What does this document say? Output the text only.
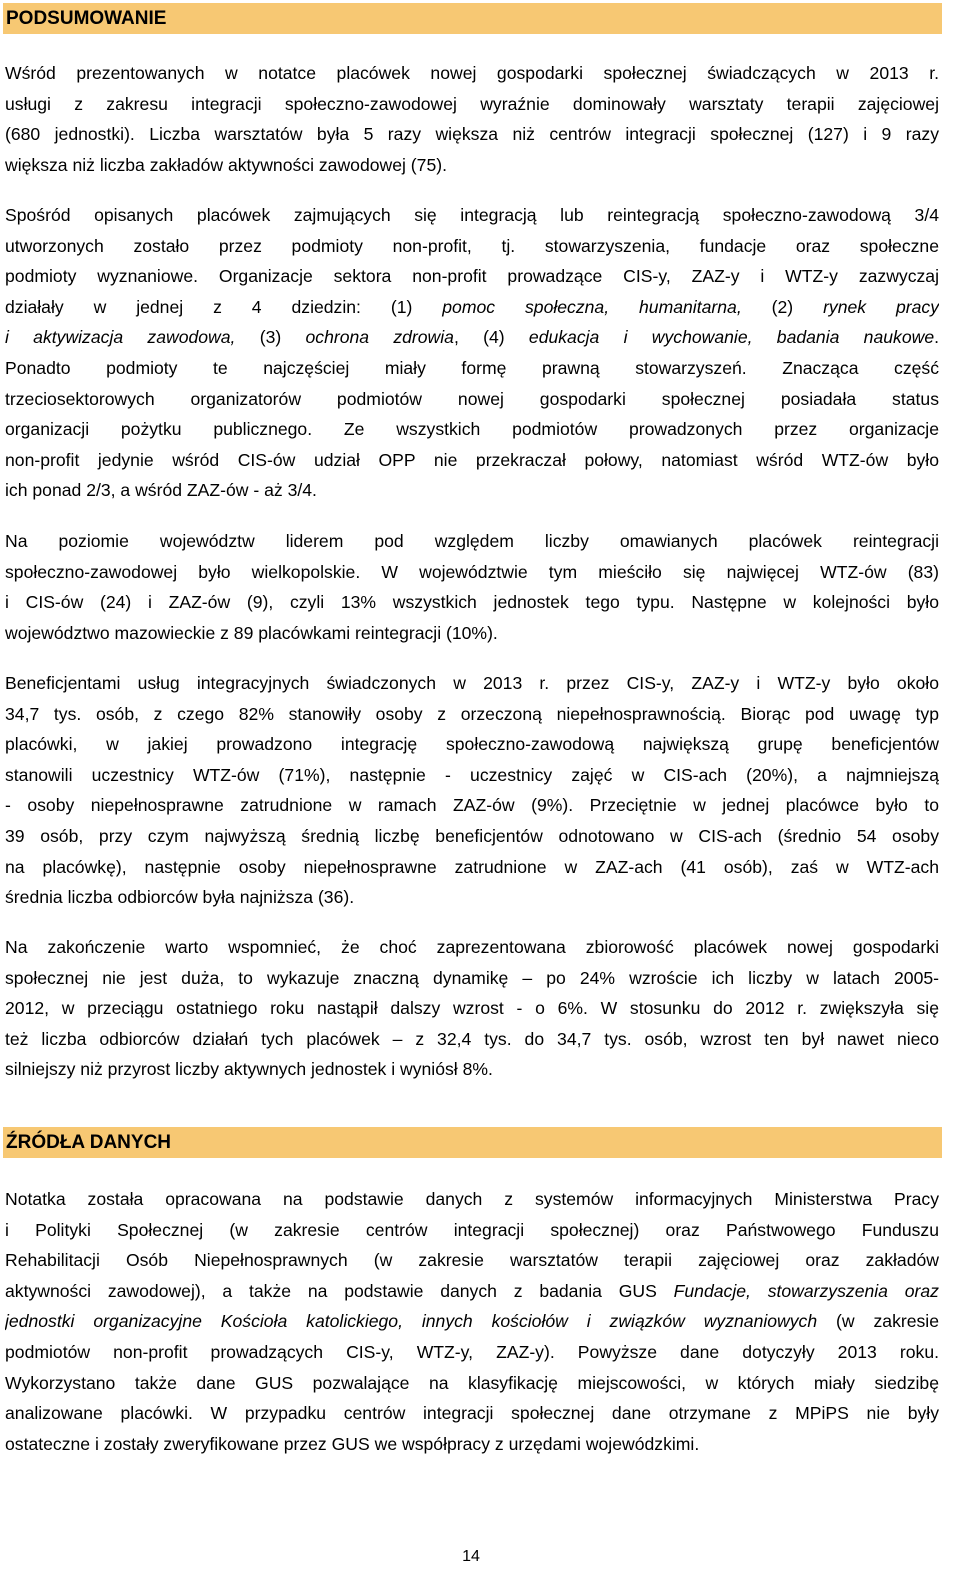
PODSUMOWANIE
Wśród prezentowanych w notatce placówek nowej gospodarki społecznej świadczących w 2013 r.
usługi z zakresu integracji społeczno-zawodowej wyraźnie dominowały warsztaty terapii zajęciowej
(680 jednostki). Liczba warsztatów była 5 razy większa niż centrów integracji społecznej (127) i 9 razy
większa niż liczba zakładów aktywności zawodowej (75).
Spośród opisanych placówek zajmujących się integracją lub reintegracją społeczno-zawodową 3/4
utworzonych zostało przez podmioty non-profit, tj. stowarzyszenia, fundacje oraz społeczne
podmioty wyznaniowe. Organizacje sektora non-profit prowadzące CIS-y, ZAZ-y i WTZ-y zazwyczaj
działały w jednej z 4 dziedzin: (1) pomoc społeczna, humanitarna, (2) rynek pracy
i aktywizacja zawodowa, (3) ochrona zdrowia, (4) edukacja i wychowanie, badania naukowe.
Ponadto podmioty te najczęściej miały formę prawną stowarzyszeń. Znacząca część
trzeciosektorowych organizatorów podmiotów nowej gospodarki społecznej posiadała status
organizacji pożytku publicznego. Ze wszystkich podmiotów prowadzonych przez organizacje
non-profit jedynie wśród CIS-ów udział OPP nie przekraczał połowy, natomiast wśród WTZ-ów było
ich ponad 2/3, a wśród ZAZ-ów - aż 3/4.
Na poziomie województw liderem pod względem liczby omawianych placówek reintegracji
społeczno-zawodowej było wielkopolskie. W województwie tym mieściło się najwięcej WTZ-ów (83)
i CIS-ów (24) i ZAZ-ów (9), czyli 13% wszystkich jednostek tego typu. Następne w kolejności było
województwo mazowieckie z 89 placówkami reintegracji (10%).
Beneficjentami usług integracyjnych świadczonych w 2013 r. przez CIS-y, ZAZ-y i WTZ-y było około
34,7 tys. osób, z czego 82% stanowiły osoby z orzeczoną niepełnosprawnością. Biorąc pod uwagę typ
placówki, w jakiej prowadzono integrację społeczno-zawodową największą grupę beneficjentów
stanowili uczestnicy WTZ-ów (71%), następnie - uczestnicy zajęć w CIS-ach (20%), a najmniejszą
- osoby niepełnosprawne zatrudnione w ramach ZAZ-ów (9%). Przeciętnie w jednej placówce było to
39 osób, przy czym najwyższą średnią liczbę beneficjentów odnotowano w CIS-ach (średnio 54 osoby
na placówkę), następnie osoby niepełnosprawne zatrudnione w ZAZ-ach (41 osób), zaś w WTZ-ach
średnia liczba odbiorców była najniższa (36).
Na zakończenie warto wspomnieć, że choć zaprezentowana zbiorowość placówek nowej gospodarki
społecznej nie jest duża, to wykazuje znaczną dynamikę – po 24% wzroście ich liczby w latach 2005-
2012, w przeciągu ostatniego roku nastąpił dalszy wzrost - o 6%. W stosunku do 2012 r. zwiększyła się
też liczba odbiorców działań tych placówek – z 32,4 tys. do 34,7 tys. osób, wzrost ten był nawet nieco
silniejszy niż przyrost liczby aktywnych jednostek i wyniósł 8%.
ŹRÓDŁA DANYCH
Notatka została opracowana na podstawie danych z systemów informacyjnych Ministerstwa Pracy
i Polityki Społecznej (w zakresie centrów integracji społecznej) oraz Państwowego Funduszu
Rehabilitacji Osób Niepełnosprawnych (w zakresie warsztatów terapii zajęciowej oraz zakładów
aktywności zawodowej), a także na podstawie danych z badania GUS Fundacje, stowarzyszenia oraz
jednostki organizacyjne Kościoła katolickiego, innych kościołów i związków wyznaniowych (w zakresie
podmiotów non-profit prowadzących CIS-y, WTZ-y, ZAZ-y). Powyższe dane dotyczyły 2013 roku.
Wykorzystano także dane GUS pozwalające na klasyfikację miejscowości, w których miały siedzibę
analizowane placówki. W przypadku centrów integracji społecznej dane otrzymane z MPiPS nie były
ostateczne i zostały zweryfikowane przez GUS we współpracy z urzędami wojewódzkimi.
14
